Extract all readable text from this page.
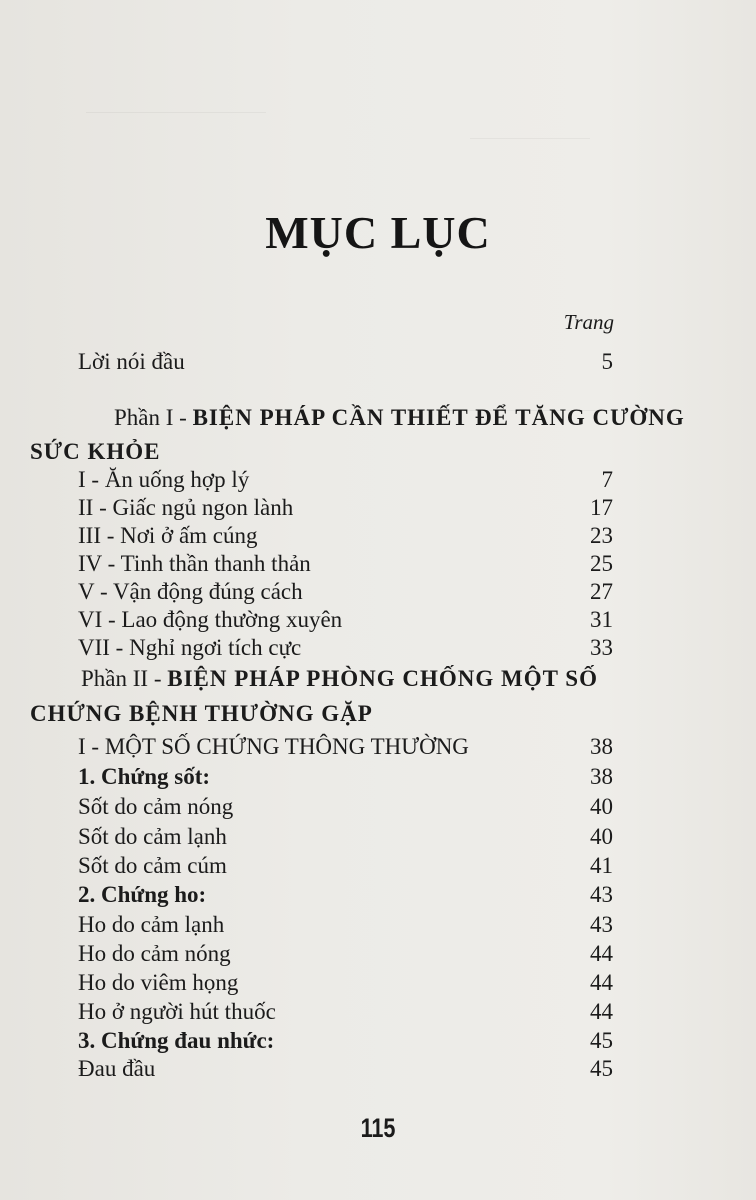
MỤC LỤC
Trang
Lời nói đầu	5
Phần I - BIỆN PHÁP CẦN THIẾT ĐỂ TĂNG CƯỜNG
SỨC KHỎE
I - Ăn uống hợp lý	7
II - Giấc ngủ ngon lành	17
III - Nơi ở ấm cúng	23
IV - Tinh thần thanh thản	25
V - Vận động đúng cách	27
VI - Lao động thường xuyên	31
VII - Nghỉ ngơi tích cực	33
Phần II - BIỆN PHÁP PHÒNG CHỐNG MỘT SỐ
CHỨNG BỆNH THƯỜNG GẶP
I - MỘT SỐ CHỨNG THÔNG THƯỜNG	38
1. Chứng sốt:	38
Sốt do cảm nóng	40
Sốt do cảm lạnh	40
Sốt do cảm cúm	41
2. Chứng ho:	43
Ho do cảm lạnh	43
Ho do cảm nóng	44
Ho do viêm họng	44
Ho ở người hút thuốc	44
3. Chứng đau nhức:	45
Đau đầu	45
115
